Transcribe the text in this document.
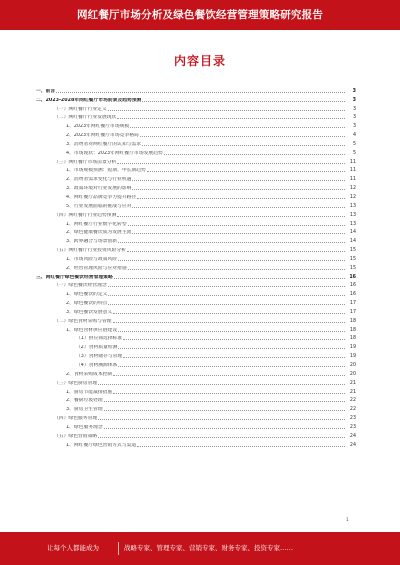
网红餐厅市场分析及绿色餐饮经营管理策略研究报告
内容目录
一、前言	3
二、2023-2028年网红餐厅市场前景及趋势预测	3
（一）网红餐厅行业定义	3
（二）网红餐厅行业发展现状	3
1、2023年网红餐厅市场规模	3
2、2023年网红餐厅市场竞争格局	4
3、消费者对网红餐厅的认知与需求	5
4、市场现状：2023年网红餐厅市场发展趋势	5
（三）网红餐厅市场前景分析	11
1、市场规模预测：短期、中长期趋势	11
2、消费者需求变化与行业机遇	11
3、政策环境对行业发展的影响	12
4、网红餐厅品牌竞争力提升路径	12
5、行业发展面临的挑战与应对	13
（四）网红餐厅行业趋势预测	13
1、网红餐厅行业数字化转型	13
2、绿色健康餐饮成为发展主流	14
3、跨界融合与场景创新	14
（五）网红餐厅行业投资风险分析	15
1、市场风险与政策风险	15
2、经营管理风险与应对措施	15
三、网红餐厅绿色餐饮经营管理策略	16
（一）绿色餐饮经营理念	16
1、绿色餐饮的定义	16
2、绿色餐饮的特点	17
3、绿色餐饮发展意义	17
（二）绿色食材采购与管理	18
1、绿色食材供应链建设	18
（1）供应商选择标准	18
（2）食材质量检测	19
（3）食材储存与管理	19
（4）食材溯源体系	20
2、食材采购成本控制	20
（三）绿色厨房管理	21
1、厨房节能减排措施	21
2、餐厨垃圾处理	22
3、厨房卫生管理	22
（四）绿色服务管理	23
1、绿色服务理念	23
（五）绿色营销策略	24
1、网红餐厅绿色营销方式与渠道	24
1
让每个人都能成为	战略专家、管理专家、营销专家、财务专家、投资专家……
